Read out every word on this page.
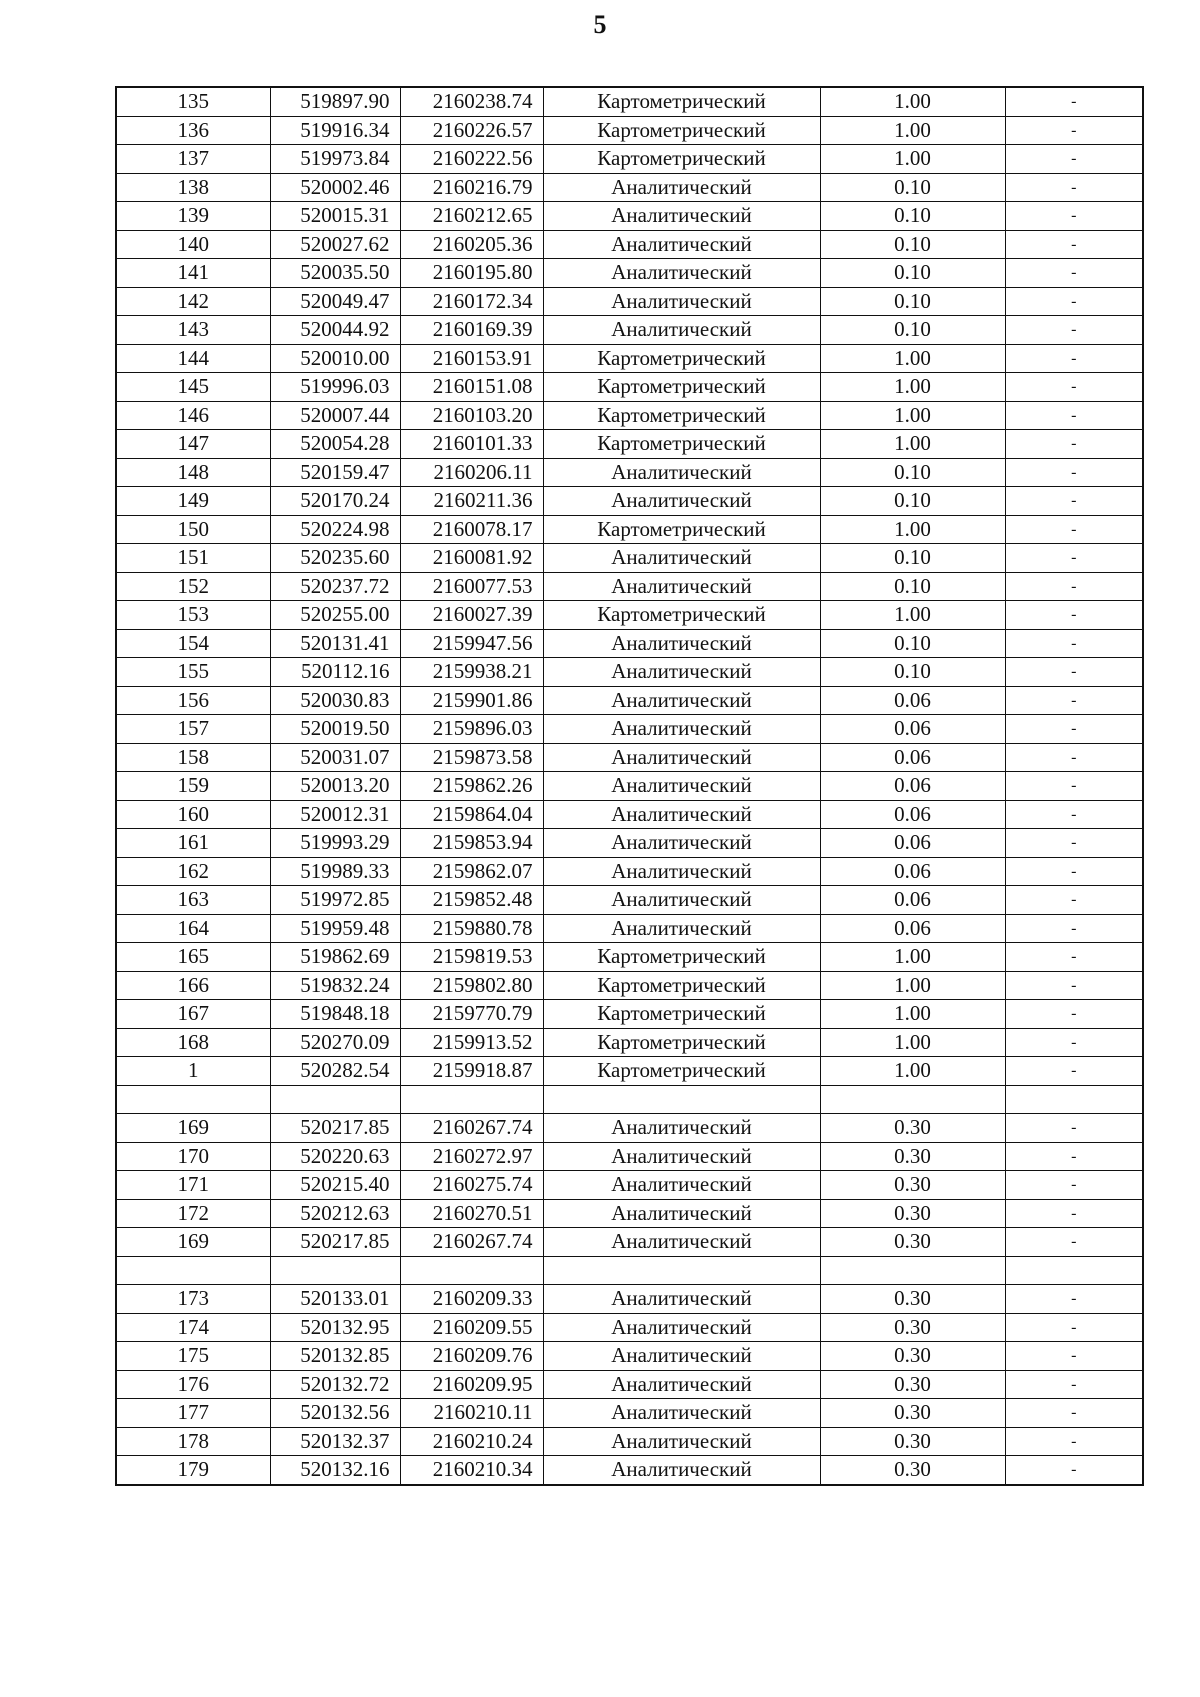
5
135	519897.90	2160238.74	Картометрический	1.00	-
136	519916.34	2160226.57	Картометрический	1.00	-
137	519973.84	2160222.56	Картометрический	1.00	-
138	520002.46	2160216.79	Аналитический	0.10	-
139	520015.31	2160212.65	Аналитический	0.10	-
140	520027.62	2160205.36	Аналитический	0.10	-
141	520035.50	2160195.80	Аналитический	0.10	-
142	520049.47	2160172.34	Аналитический	0.10	-
143	520044.92	2160169.39	Аналитический	0.10	-
144	520010.00	2160153.91	Картометрический	1.00	-
145	519996.03	2160151.08	Картометрический	1.00	-
146	520007.44	2160103.20	Картометрический	1.00	-
147	520054.28	2160101.33	Картометрический	1.00	-
148	520159.47	2160206.11	Аналитический	0.10	-
149	520170.24	2160211.36	Аналитический	0.10	-
150	520224.98	2160078.17	Картометрический	1.00	-
151	520235.60	2160081.92	Аналитический	0.10	-
152	520237.72	2160077.53	Аналитический	0.10	-
153	520255.00	2160027.39	Картометрический	1.00	-
154	520131.41	2159947.56	Аналитический	0.10	-
155	520112.16	2159938.21	Аналитический	0.10	-
156	520030.83	2159901.86	Аналитический	0.06	-
157	520019.50	2159896.03	Аналитический	0.06	-
158	520031.07	2159873.58	Аналитический	0.06	-
159	520013.20	2159862.26	Аналитический	0.06	-
160	520012.31	2159864.04	Аналитический	0.06	-
161	519993.29	2159853.94	Аналитический	0.06	-
162	519989.33	2159862.07	Аналитический	0.06	-
163	519972.85	2159852.48	Аналитический	0.06	-
164	519959.48	2159880.78	Аналитический	0.06	-
165	519862.69	2159819.53	Картометрический	1.00	-
166	519832.24	2159802.80	Картометрический	1.00	-
167	519848.18	2159770.79	Картометрический	1.00	-
168	520270.09	2159913.52	Картометрический	1.00	-
1	520282.54	2159918.87	Картометрический	1.00	-

169	520217.85	2160267.74	Аналитический	0.30	-
170	520220.63	2160272.97	Аналитический	0.30	-
171	520215.40	2160275.74	Аналитический	0.30	-
172	520212.63	2160270.51	Аналитический	0.30	-
169	520217.85	2160267.74	Аналитический	0.30	-

173	520133.01	2160209.33	Аналитический	0.30	-
174	520132.95	2160209.55	Аналитический	0.30	-
175	520132.85	2160209.76	Аналитический	0.30	-
176	520132.72	2160209.95	Аналитический	0.30	-
177	520132.56	2160210.11	Аналитический	0.30	-
178	520132.37	2160210.24	Аналитический	0.30	-
179	520132.16	2160210.34	Аналитический	0.30	-
